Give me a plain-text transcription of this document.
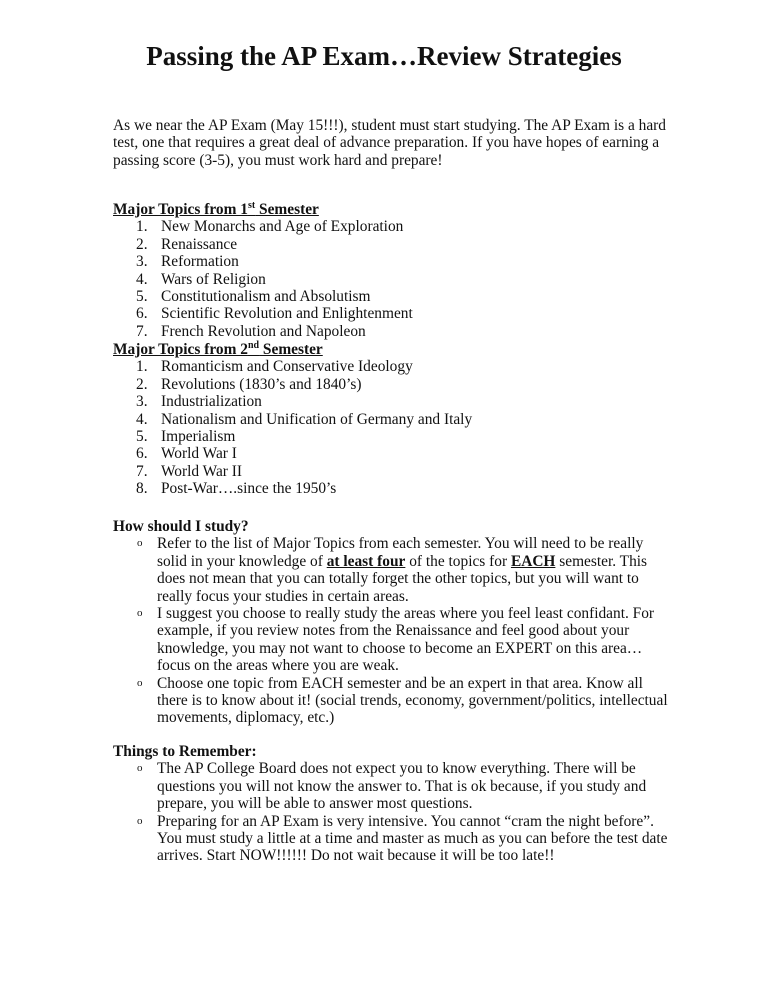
Passing the AP Exam…Review Strategies
As we near the AP Exam (May 15!!!), student must start studying. The AP Exam is a hard test, one that requires a great deal of advance preparation. If you have hopes of earning a passing score (3-5), you must work hard and prepare!
Major Topics from 1st Semester
1. New Monarchs and Age of Exploration
2. Renaissance
3. Reformation
4. Wars of Religion
5. Constitutionalism and Absolutism
6. Scientific Revolution and Enlightenment
7. French Revolution and Napoleon
Major Topics from 2nd Semester
1. Romanticism and Conservative Ideology
2. Revolutions (1830’s and 1840’s)
3. Industrialization
4. Nationalism and Unification of Germany and Italy
5. Imperialism
6. World War I
7. World War II
8. Post-War….since the 1950’s
How should I study?
o Refer to the list of Major Topics from each semester. You will need to be really solid in your knowledge of at least four of the topics for EACH semester. This does not mean that you can totally forget the other topics, but you will want to really focus your studies in certain areas.
o I suggest you choose to really study the areas where you feel least confidant. For example, if you review notes from the Renaissance and feel good about your knowledge, you may not want to choose to become an EXPERT on this area…focus on the areas where you are weak.
o Choose one topic from EACH semester and be an expert in that area. Know all there is to know about it! (social trends, economy, government/politics, intellectual movements, diplomacy, etc.)
Things to Remember:
o The AP College Board does not expect you to know everything. There will be questions you will not know the answer to. That is ok because, if you study and prepare, you will be able to answer most questions.
o Preparing for an AP Exam is very intensive. You cannot “cram the night before”. You must study a little at a time and master as much as you can before the test date arrives. Start NOW!!!!!! Do not wait because it will be too late!!
